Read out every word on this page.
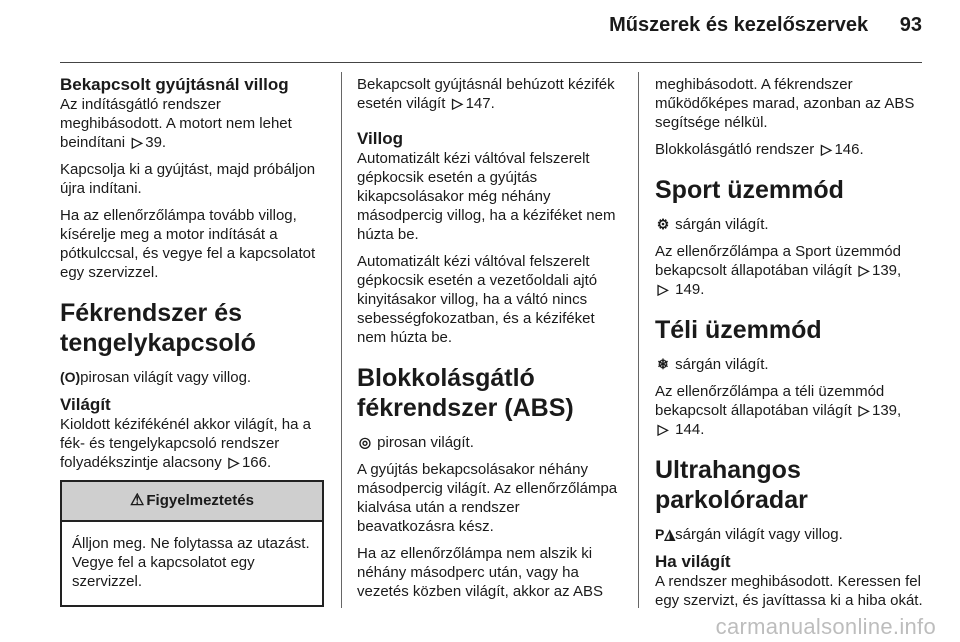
Műszerek és kezelőszervek 93
Bekapcsolt gyújtásnál villog

Az indításgátló rendszer meghibásodott. A motort nem lehet beindítani ▷ 39.

Kapcsolja ki a gyújtást, majd próbáljon újra indítani.

Ha az ellenőrzőlámpa tovább villog, kísérelje meg a motor indítását a pótkulccsal, és vegye fel a kapcsolatot egy szervizzel.

Fékrendszer és tengelykapcsoló

(O) pirosan világít vagy villog.

Világít

Kioldott kézifékénél akkor világít, ha a fék- és tengelykapcsoló rendszer folyadékszintje alacsony ▷ 166.

⚠ Figyelmeztetés
Álljon meg. Ne folytassa az utazást. Vegye fel a kapcsolatot egy szervizzel.

Bekapcsolt gyújtásnál behúzott kézifék esetén világít ▷ 147.

Villog

Automatizált kézi váltóval felszerelt gépkocsik esetén a gyújtás kikapcsolásakor még néhány másodpercig villog, ha a kéziféket nem húzta be.

Automatizált kézi váltóval felszerelt gépkocsik esetén a vezetőoldali ajtó kinyitásakor villog, ha a váltó nincs sebességfokozatban, és a kéziféket nem húzta be.

Blokkolásgátló fékrendszer (ABS)

◎ pirosan világít.

A gyújtás bekapcsolásakor néhány másodpercig világít. Az ellenőrzőlámpa kialvása után a rendszer beavatkozásra kész.

Ha az ellenőrzőlámpa nem alszik ki néhány másodperc után, vagy ha vezetés közben világít, akkor az ABS

meghibásodott. A fékrendszer működőképes marad, azonban az ABS segítsége nélkül.

Blokkolásgátló rendszer ▷ 146.

Sport üzemmód

⚙ sárgán világít.

Az ellenőrzőlámpa a Sport üzemmód bekapcsolt állapotában világít ▷ 139,
▷ 149.

Téli üzemmód

❄ sárgán világít.

Az ellenőrzőlámpa a téli üzemmód bekapcsolt állapotában világít ▷ 139,
▷ 144.

Ultrahangos parkolóradar

P◮ sárgán világít vagy villog.

Ha világít

A rendszer meghibásodott. Keressen fel egy szervizt, és javíttassa ki a hiba okát.

carmanualsonline.info
